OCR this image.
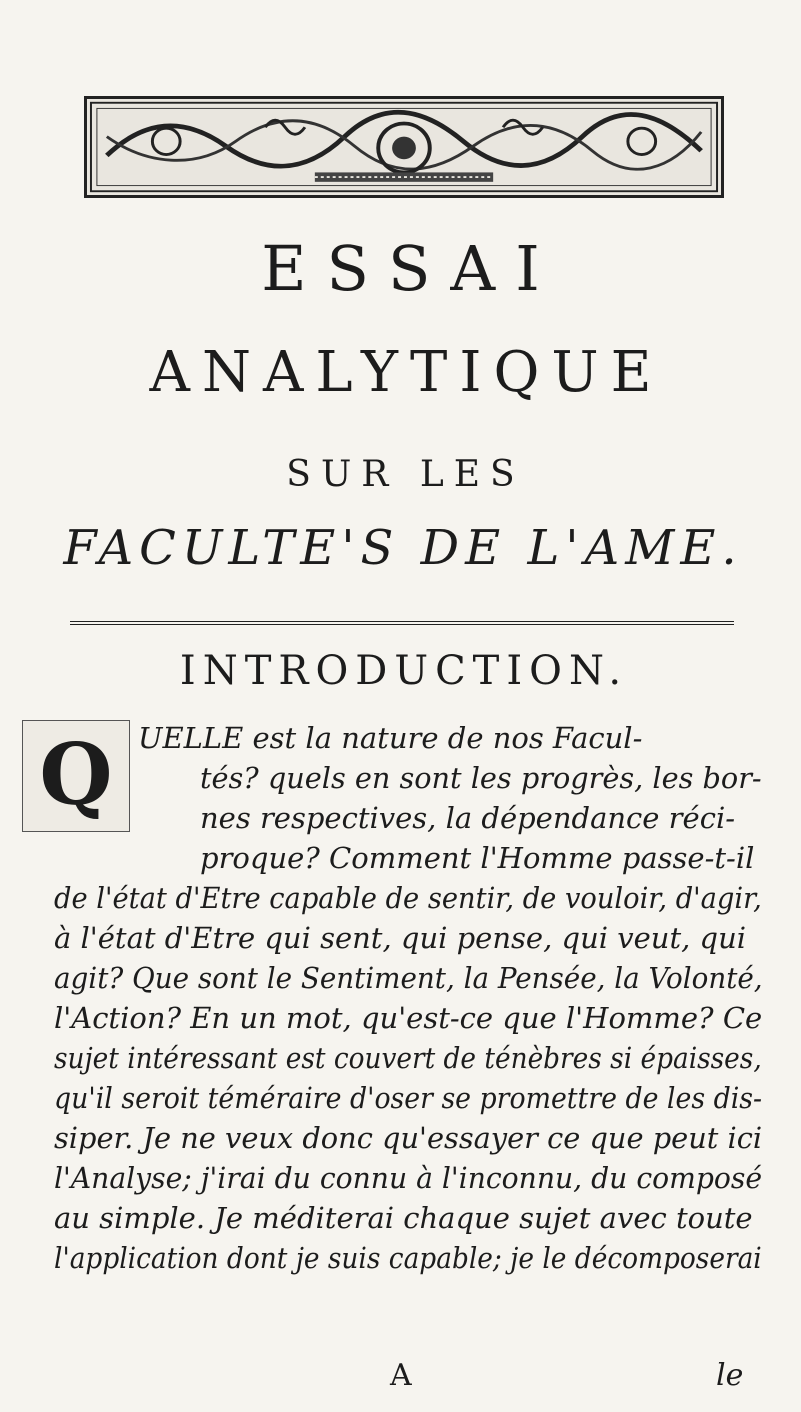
ESSAI
ANALYTIQUE
SUR LES
FACULTE'S DE L'AME.
INTRODUCTION.
Q UELLE est la nature de nos Facul-
tés? quels en sont les progrès, les bor-
nes respectives, la dépendance réci-
proque? Comment l'Homme passe-t-il
de l'état d'Etre capable de sentir, de vouloir, d'agir,
à l'état d'Etre qui sent, qui pense, qui veut, qui
agit? Que sont le Sentiment, la Pensée, la Volonté,
l'Action? En un mot, qu'est-ce que l'Homme? Ce
sujet intéressant est couvert de ténèbres si épaisses,
qu'il seroit téméraire d'oser se promettre de les dis-
siper. Je ne veux donc qu'essayer ce que peut ici
l'Analyse; j'irai du connu à l'inconnu, du composé
au simple. Je méditerai chaque sujet avec toute
l'application dont je suis capable; je le décomposerai
A	le
